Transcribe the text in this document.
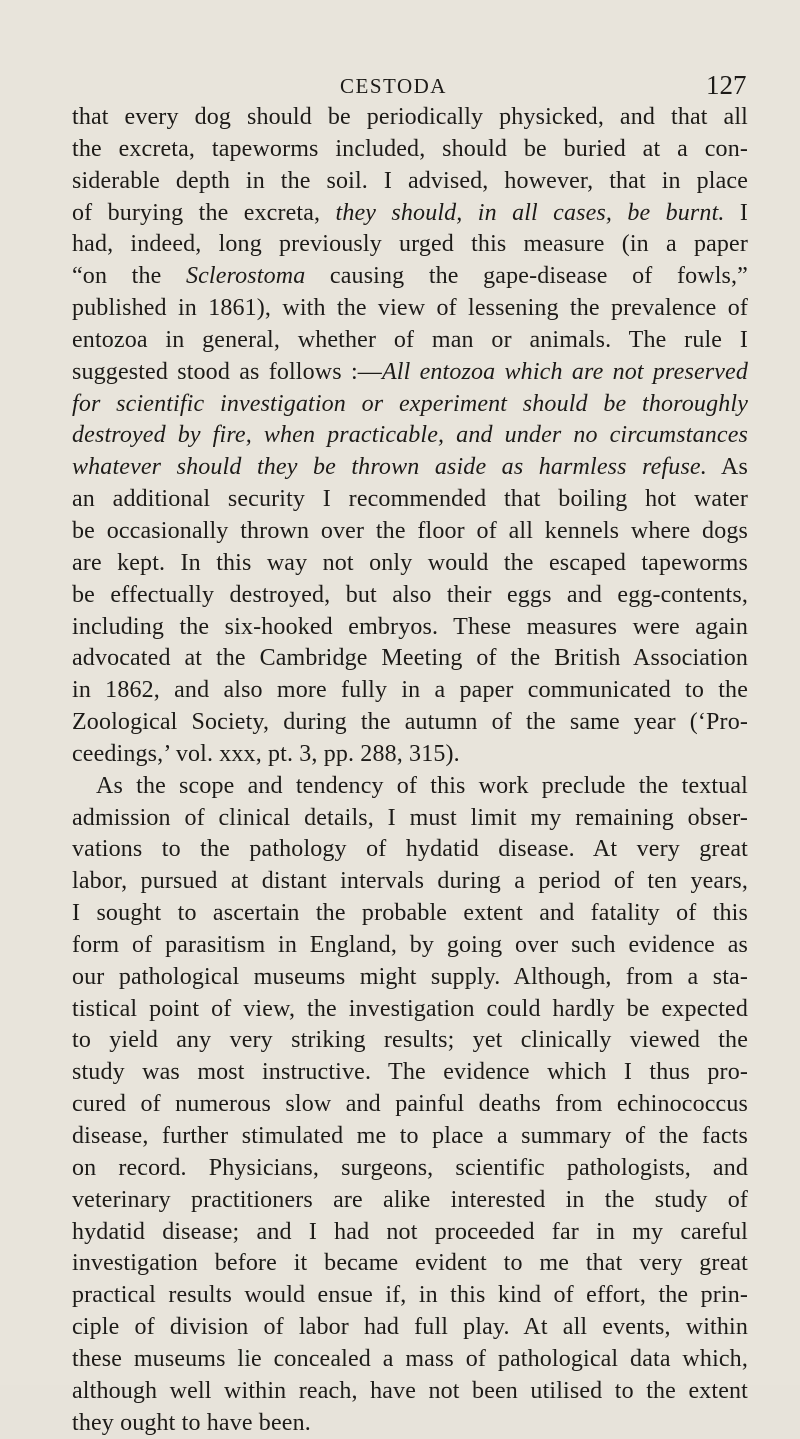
CESTODA	127
that every dog should be periodically physicked, and that all
the excreta, tapeworms included, should be buried at a con-
siderable depth in the soil. I advised, however, that in place
of burying the excreta, they should, in all cases, be burnt. I
had, indeed, long previously urged this measure (in a paper
“on the Sclerostoma causing the gape-disease of fowls,”
published in 1861), with the view of lessening the prevalence of
entozoa in general, whether of man or animals. The rule I
suggested stood as follows :—All entozoa which are not preserved
for scientific investigation or experiment should be thoroughly
destroyed by fire, when practicable, and under no circumstances
whatever should they be thrown aside as harmless refuse. As
an additional security I recommended that boiling hot water
be occasionally thrown over the floor of all kennels where dogs
are kept. In this way not only would the escaped tapeworms
be effectually destroyed, but also their eggs and egg-contents,
including the six-hooked embryos. These measures were again
advocated at the Cambridge Meeting of the British Association
in 1862, and also more fully in a paper communicated to the
Zoological Society, during the autumn of the same year (‘Pro-
ceedings,’ vol. xxx, pt. 3, pp. 288, 315).
As the scope and tendency of this work preclude the textual
admission of clinical details, I must limit my remaining obser-
vations to the pathology of hydatid disease. At very great
labor, pursued at distant intervals during a period of ten years,
I sought to ascertain the probable extent and fatality of this
form of parasitism in England, by going over such evidence as
our pathological museums might supply. Although, from a sta-
tistical point of view, the investigation could hardly be expected
to yield any very striking results; yet clinically viewed the
study was most instructive. The evidence which I thus pro-
cured of numerous slow and painful deaths from echinococcus
disease, further stimulated me to place a summary of the facts
on record. Physicians, surgeons, scientific pathologists, and
veterinary practitioners are alike interested in the study of
hydatid disease; and I had not proceeded far in my careful
investigation before it became evident to me that very great
practical results would ensue if, in this kind of effort, the prin-
ciple of division of labor had full play. At all events, within
these museums lie concealed a mass of pathological data which,
although well within reach, have not been utilised to the extent
they ought to have been.
